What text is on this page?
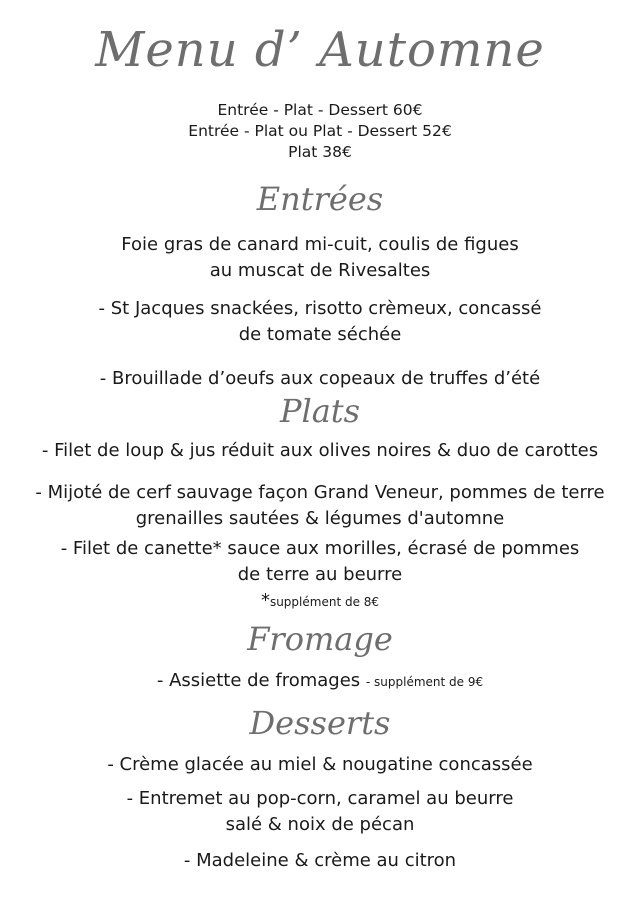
Menu d’ Automne
Entrée - Plat - Dessert 60€
Entrée - Plat ou Plat - Dessert 52€
Plat 38€
Entrées
Foie gras de canard mi-cuit, coulis de figues
au muscat de Rivesaltes
- St Jacques snackées, risotto crèmeux, concassé
de tomate séchée
- Brouillade d’oeufs aux copeaux de truffes d’été
Plats
- Filet de loup & jus réduit aux olives noires & duo de carottes
- Mijoté de cerf sauvage façon Grand Veneur, pommes de terre
grenailles sautées & légumes d'automne
- Filet de canette* sauce aux morilles, écrasé de pommes
de terre au beurre
*supplément de 8€
Fromage
- Assiette de fromages - supplément de 9€
Desserts
- Crème glacée au miel & nougatine concassée
- Entremet au pop-corn, caramel au beurre
salé & noix de pécan
- Madeleine & crème au citron
